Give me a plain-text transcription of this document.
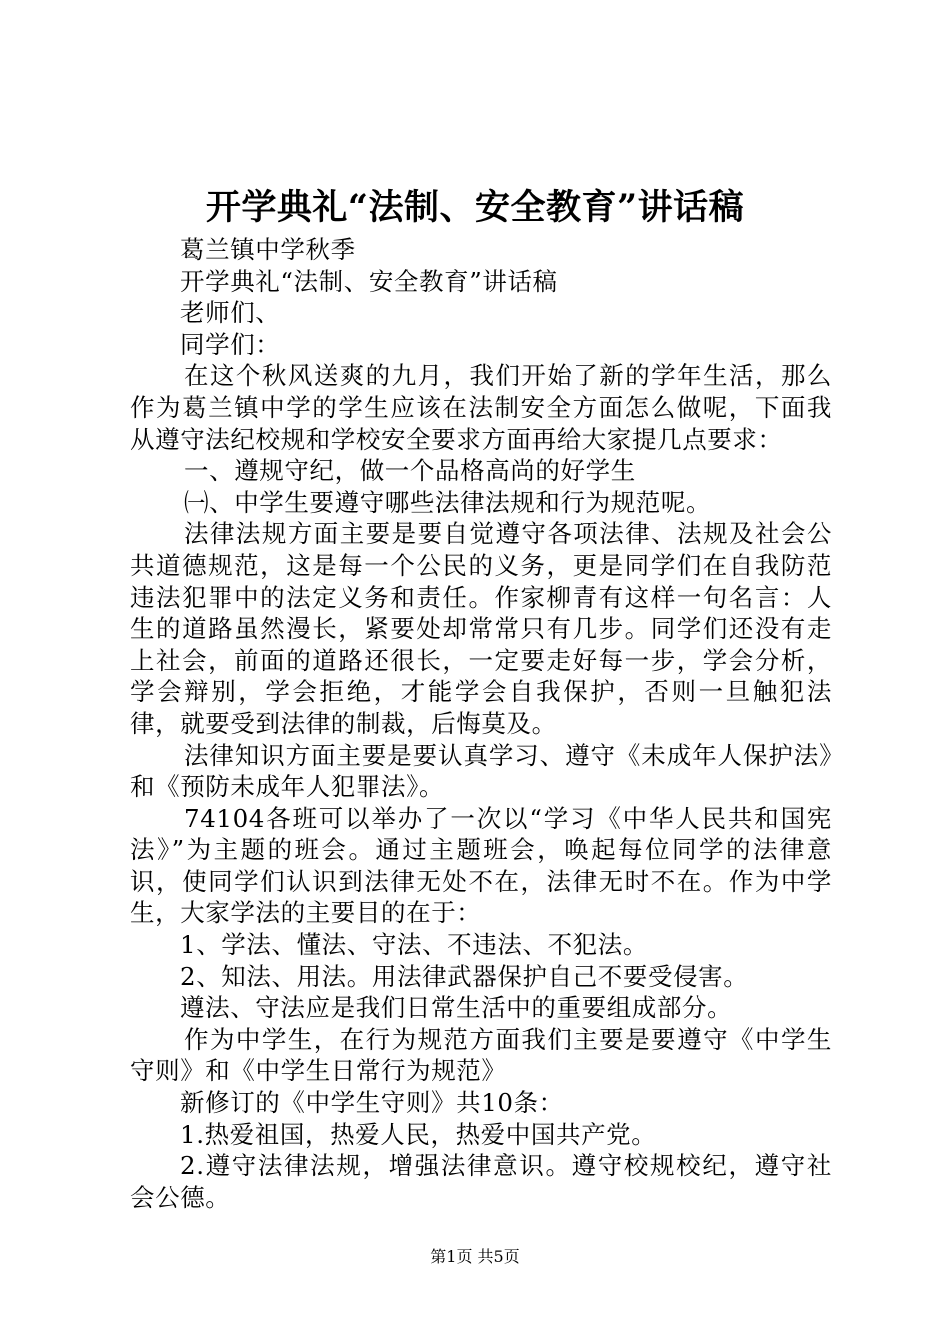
开学典礼“法制、安全教育”讲话稿

葛兰镇中学秋季

开学典礼“法制、安全教育”讲话稿

老师们、

同学们：

在这个秋风送爽的九月，我们开始了新的学年生活，那么作为葛兰镇中学的学生应该在法制安全方面怎么做呢，下面我从遵守法纪校规和学校安全要求方面再给大家提几点要求：

一、遵规守纪，做一个品格高尚的好学生

㈠、中学生要遵守哪些法律法规和行为规范呢。

法律法规方面主要是要自觉遵守各项法律、法规及社会公共道德规范，这是每一个公民的义务，更是同学们在自我防范违法犯罪中的法定义务和责任。作家柳青有这样一句名言：人生的道路虽然漫长，紧要处却常常只有几步。同学们还没有走上社会，前面的道路还很长，一定要走好每一步，学会分析，学会辩别，学会拒绝，才能学会自我保护，否则一旦触犯法律，就要受到法律的制裁，后悔莫及。

法律知识方面主要是要认真学习、遵守《未成年人保护法》和《预防未成年人犯罪法》。

74104各班可以举办了一次以“学习《中华人民共和国宪法》”为主题的班会。通过主题班会，唤起每位同学的法律意识，使同学们认识到法律无处不在，法律无时不在。作为中学生，大家学法的主要目的在于：

1、学法、懂法、守法、不违法、不犯法。

2、知法、用法。用法律武器保护自己不要受侵害。

遵法、守法应是我们日常生活中的重要组成部分。

作为中学生，在行为规范方面我们主要是要遵守《中学生守则》和《中学生日常行为规范》

新修订的《中学生守则》共10条：

1.热爱祖国，热爱人民，热爱中国共产党。

2.遵守法律法规，增强法律意识。遵守校规校纪，遵守社会公德。

第1页 共5页
